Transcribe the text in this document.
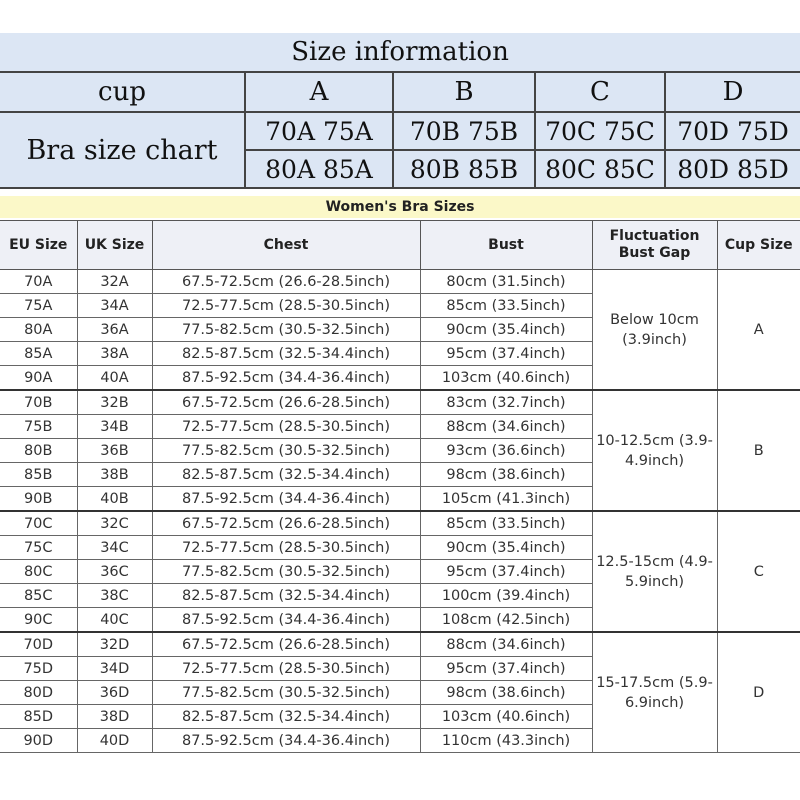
Size information				
cup	A	B	C	D
Bra size chart	70A 75A	70B 75B	70C 75C	70D 75D
	80A 85A	80B 85B	80C 85C	80D 85D
Women's Bra Sizes
EU Size	UK Size	Chest	Bust	Fluctuation Bust Gap	Cup Size
70A	32A	67.5-72.5cm (26.6-28.5inch)	80cm (31.5inch)	Below 10cm (3.9inch)	A
75A	34A	72.5-77.5cm (28.5-30.5inch)	85cm (33.5inch)		
80A	36A	77.5-82.5cm (30.5-32.5inch)	90cm (35.4inch)		
85A	38A	82.5-87.5cm (32.5-34.4inch)	95cm (37.4inch)		
90A	40A	87.5-92.5cm (34.4-36.4inch)	103cm (40.6inch)		
70B	32B	67.5-72.5cm (26.6-28.5inch)	83cm (32.7inch)	10-12.5cm (3.9-4.9inch)	B
75B	34B	72.5-77.5cm (28.5-30.5inch)	88cm (34.6inch)		
80B	36B	77.5-82.5cm (30.5-32.5inch)	93cm (36.6inch)		
85B	38B	82.5-87.5cm (32.5-34.4inch)	98cm (38.6inch)		
90B	40B	87.5-92.5cm (34.4-36.4inch)	105cm (41.3inch)		
70C	32C	67.5-72.5cm (26.6-28.5inch)	85cm (33.5inch)	12.5-15cm (4.9-5.9inch)	C
75C	34C	72.5-77.5cm (28.5-30.5inch)	90cm (35.4inch)		
80C	36C	77.5-82.5cm (30.5-32.5inch)	95cm (37.4inch)		
85C	38C	82.5-87.5cm (32.5-34.4inch)	100cm (39.4inch)		
90C	40C	87.5-92.5cm (34.4-36.4inch)	108cm (42.5inch)		
70D	32D	67.5-72.5cm (26.6-28.5inch)	88cm (34.6inch)	15-17.5cm (5.9-6.9inch)	D
75D	34D	72.5-77.5cm (28.5-30.5inch)	95cm (37.4inch)		
80D	36D	77.5-82.5cm (30.5-32.5inch)	98cm (38.6inch)		
85D	38D	82.5-87.5cm (32.5-34.4inch)	103cm (40.6inch)		
90D	40D	87.5-92.5cm (34.4-36.4inch)	110cm (43.3inch)		
